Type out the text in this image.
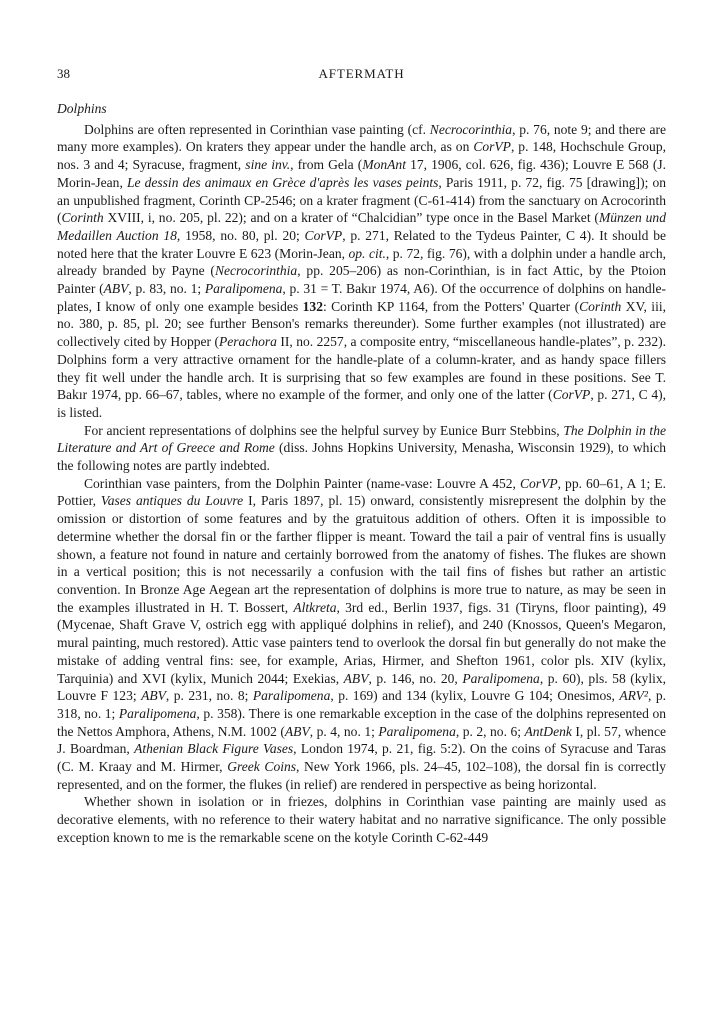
38	AFTERMATH
Dolphins

Dolphins are often represented in Corinthian vase painting (cf. Necrocorinthia, p. 76, note 9; and there are many more examples). On kraters they appear under the handle arch, as on CorVP, p. 148, Hochschule Group, nos. 3 and 4; Syracuse, fragment, sine inv., from Gela (MonAnt 17, 1906, col. 626, fig. 436); Louvre E 568 (J. Morin-Jean, Le dessin des animaux en Grèce d'après les vases peints, Paris 1911, p. 72, fig. 75 [drawing]); on an unpublished fragment, Corinth CP-2546; on a krater fragment (C-61-414) from the sanctuary on Acrocorinth (Corinth XVIII, i, no. 205, pl. 22); and on a krater of “Chalcidian” type once in the Basel Market (Münzen und Medaillen Auction 18, 1958, no. 80, pl. 20; CorVP, p. 271, Related to the Tydeus Painter, C 4). It should be noted here that the krater Louvre E 623 (Morin-Jean, op. cit., p. 72, fig. 76), with a dolphin under a handle arch, already branded by Payne (Necrocorinthia, pp. 205–206) as non-Corinthian, is in fact Attic, by the Ptoion Painter (ABV, p. 83, no. 1; Paralipomena, p. 31 = T. Bakır 1974, A6). Of the occurrence of dolphins on handle-plates, I know of only one example besides 132: Corinth KP 1164, from the Potters' Quarter (Corinth XV, iii, no. 380, p. 85, pl. 20; see further Benson's remarks thereunder). Some further examples (not illustrated) are collectively cited by Hopper (Perachora II, no. 2257, a composite entry, “miscellaneous handle-plates”, p. 232). Dolphins form a very attractive ornament for the handle-plate of a column-krater, and as handy space fillers they fit well under the handle arch. It is surprising that so few examples are found in these positions. See T. Bakır 1974, pp. 66–67, tables, where no example of the former, and only one of the latter (CorVP, p. 271, C 4), is listed.

For ancient representations of dolphins see the helpful survey by Eunice Burr Stebbins, The Dolphin in the Literature and Art of Greece and Rome (diss. Johns Hopkins University, Menasha, Wisconsin 1929), to which the following notes are partly indebted.

Corinthian vase painters, from the Dolphin Painter (name-vase: Louvre A 452, CorVP, pp. 60–61, A 1; E. Pottier, Vases antiques du Louvre I, Paris 1897, pl. 15) onward, consistently misrepresent the dolphin by the omission or distortion of some features and by the gratuitous addition of others. Often it is impossible to determine whether the dorsal fin or the farther flipper is meant. Toward the tail a pair of ventral fins is usually shown, a feature not found in nature and certainly borrowed from the anatomy of fishes. The flukes are shown in a vertical position; this is not necessarily a confusion with the tail fins of fishes but rather an artistic convention. In Bronze Age Aegean art the representation of dolphins is more true to nature, as may be seen in the examples illustrated in H. T. Bossert, Altkreta, 3rd ed., Berlin 1937, figs. 31 (Tiryns, floor painting), 49 (Mycenae, Shaft Grave V, ostrich egg with appliqué dolphins in relief), and 240 (Knossos, Queen's Megaron, mural painting, much restored). Attic vase painters tend to overlook the dorsal fin but generally do not make the mistake of adding ventral fins: see, for example, Arias, Hirmer, and Shefton 1961, color pls. XIV (kylix, Tarquinia) and XVI (kylix, Munich 2044; Exekias, ABV, p. 146, no. 20, Paralipomena, p. 60), pls. 58 (kylix, Louvre F 123; ABV, p. 231, no. 8; Paralipomena, p. 169) and 134 (kylix, Louvre G 104; Onesimos, ARV², p. 318, no. 1; Paralipomena, p. 358). There is one remarkable exception in the case of the dolphins represented on the Nettos Amphora, Athens, N.M. 1002 (ABV, p. 4, no. 1; Paralipomena, p. 2, no. 6; AntDenk I, pl. 57, whence J. Boardman, Athenian Black Figure Vases, London 1974, p. 21, fig. 5:2). On the coins of Syracuse and Taras (C. M. Kraay and M. Hirmer, Greek Coins, New York 1966, pls. 24–45, 102–108), the dorsal fin is correctly represented, and on the former, the flukes (in relief) are rendered in perspective as being horizontal.

Whether shown in isolation or in friezes, dolphins in Corinthian vase painting are mainly used as decorative elements, with no reference to their watery habitat and no narrative significance. The only possible exception known to me is the remarkable scene on the kotyle Corinth C-62-449
